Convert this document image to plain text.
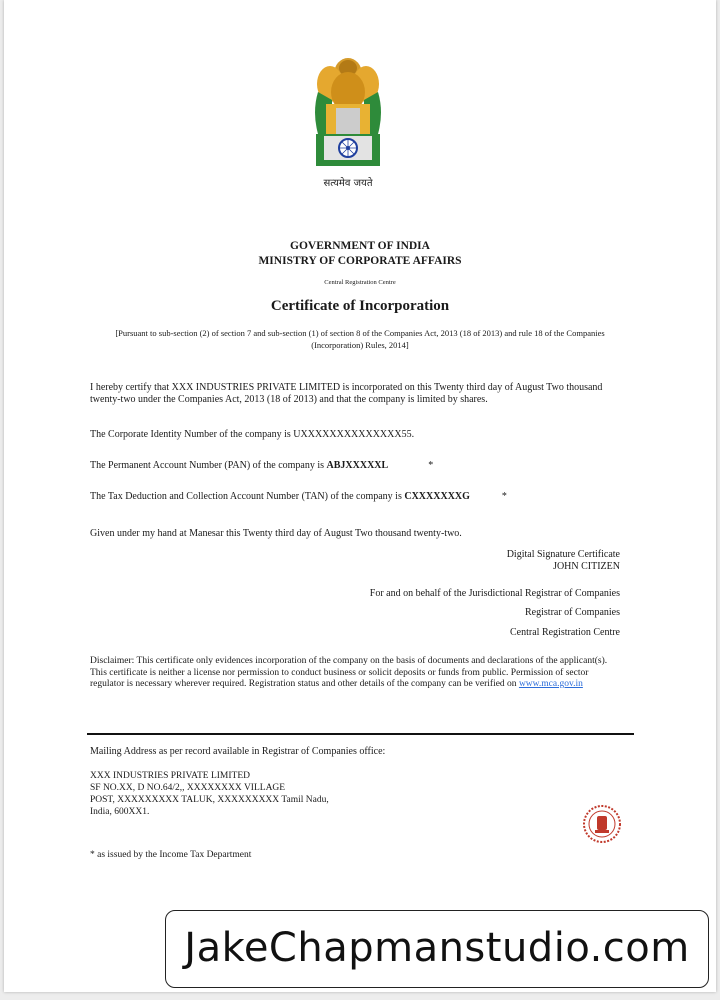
सत्यमेव जयते
GOVERNMENT OF INDIA
MINISTRY OF CORPORATE AFFAIRS
Central Registration Centre
Certificate of Incorporation
[Pursuant to sub-section (2) of section 7 and sub-section (1) of section 8 of the Companies Act, 2013 (18 of 2013) and rule 18 of the Companies (Incorporation) Rules, 2014]
I hereby certify that XXX INDUSTRIES PRIVATE LIMITED is incorporated on this Twenty third day of August Two thousand twenty-two under the Companies Act, 2013 (18 of 2013) and that the company is limited by shares.
The Corporate Identity Number of the company is UXXXXXXXXXXXXXX55.
The Permanent Account Number (PAN) of the company is ABJXXXXXL	*
The Tax Deduction and Collection Account Number (TAN) of the company is CXXXXXXXG	*
Given under my hand at Manesar this Twenty third day of August Two thousand twenty-two.
Digital Signature Certificate
JOHN CITIZEN
For and on behalf of the Jurisdictional Registrar of Companies
Registrar of Companies
Central Registration Centre
Disclaimer: This certificate only evidences incorporation of the company on the basis of documents and declarations of the applicant(s). This certificate is neither a license nor permission to conduct business or solicit deposits or funds from public. Permission of sector regulator is necessary wherever required. Registration status and other details of the company can be verified on www.mca.gov.in
Mailing Address as per record available in Registrar of Companies office:
XXX INDUSTRIES PRIVATE LIMITED
SF NO.XX, D NO.64/2,, XXXXXXXX VILLAGE
POST, XXXXXXXXX TALUK, XXXXXXXXX Tamil Nadu,
India, 600XX1.
* as issued by the Income Tax Department
JakeChapmanstudio.com
